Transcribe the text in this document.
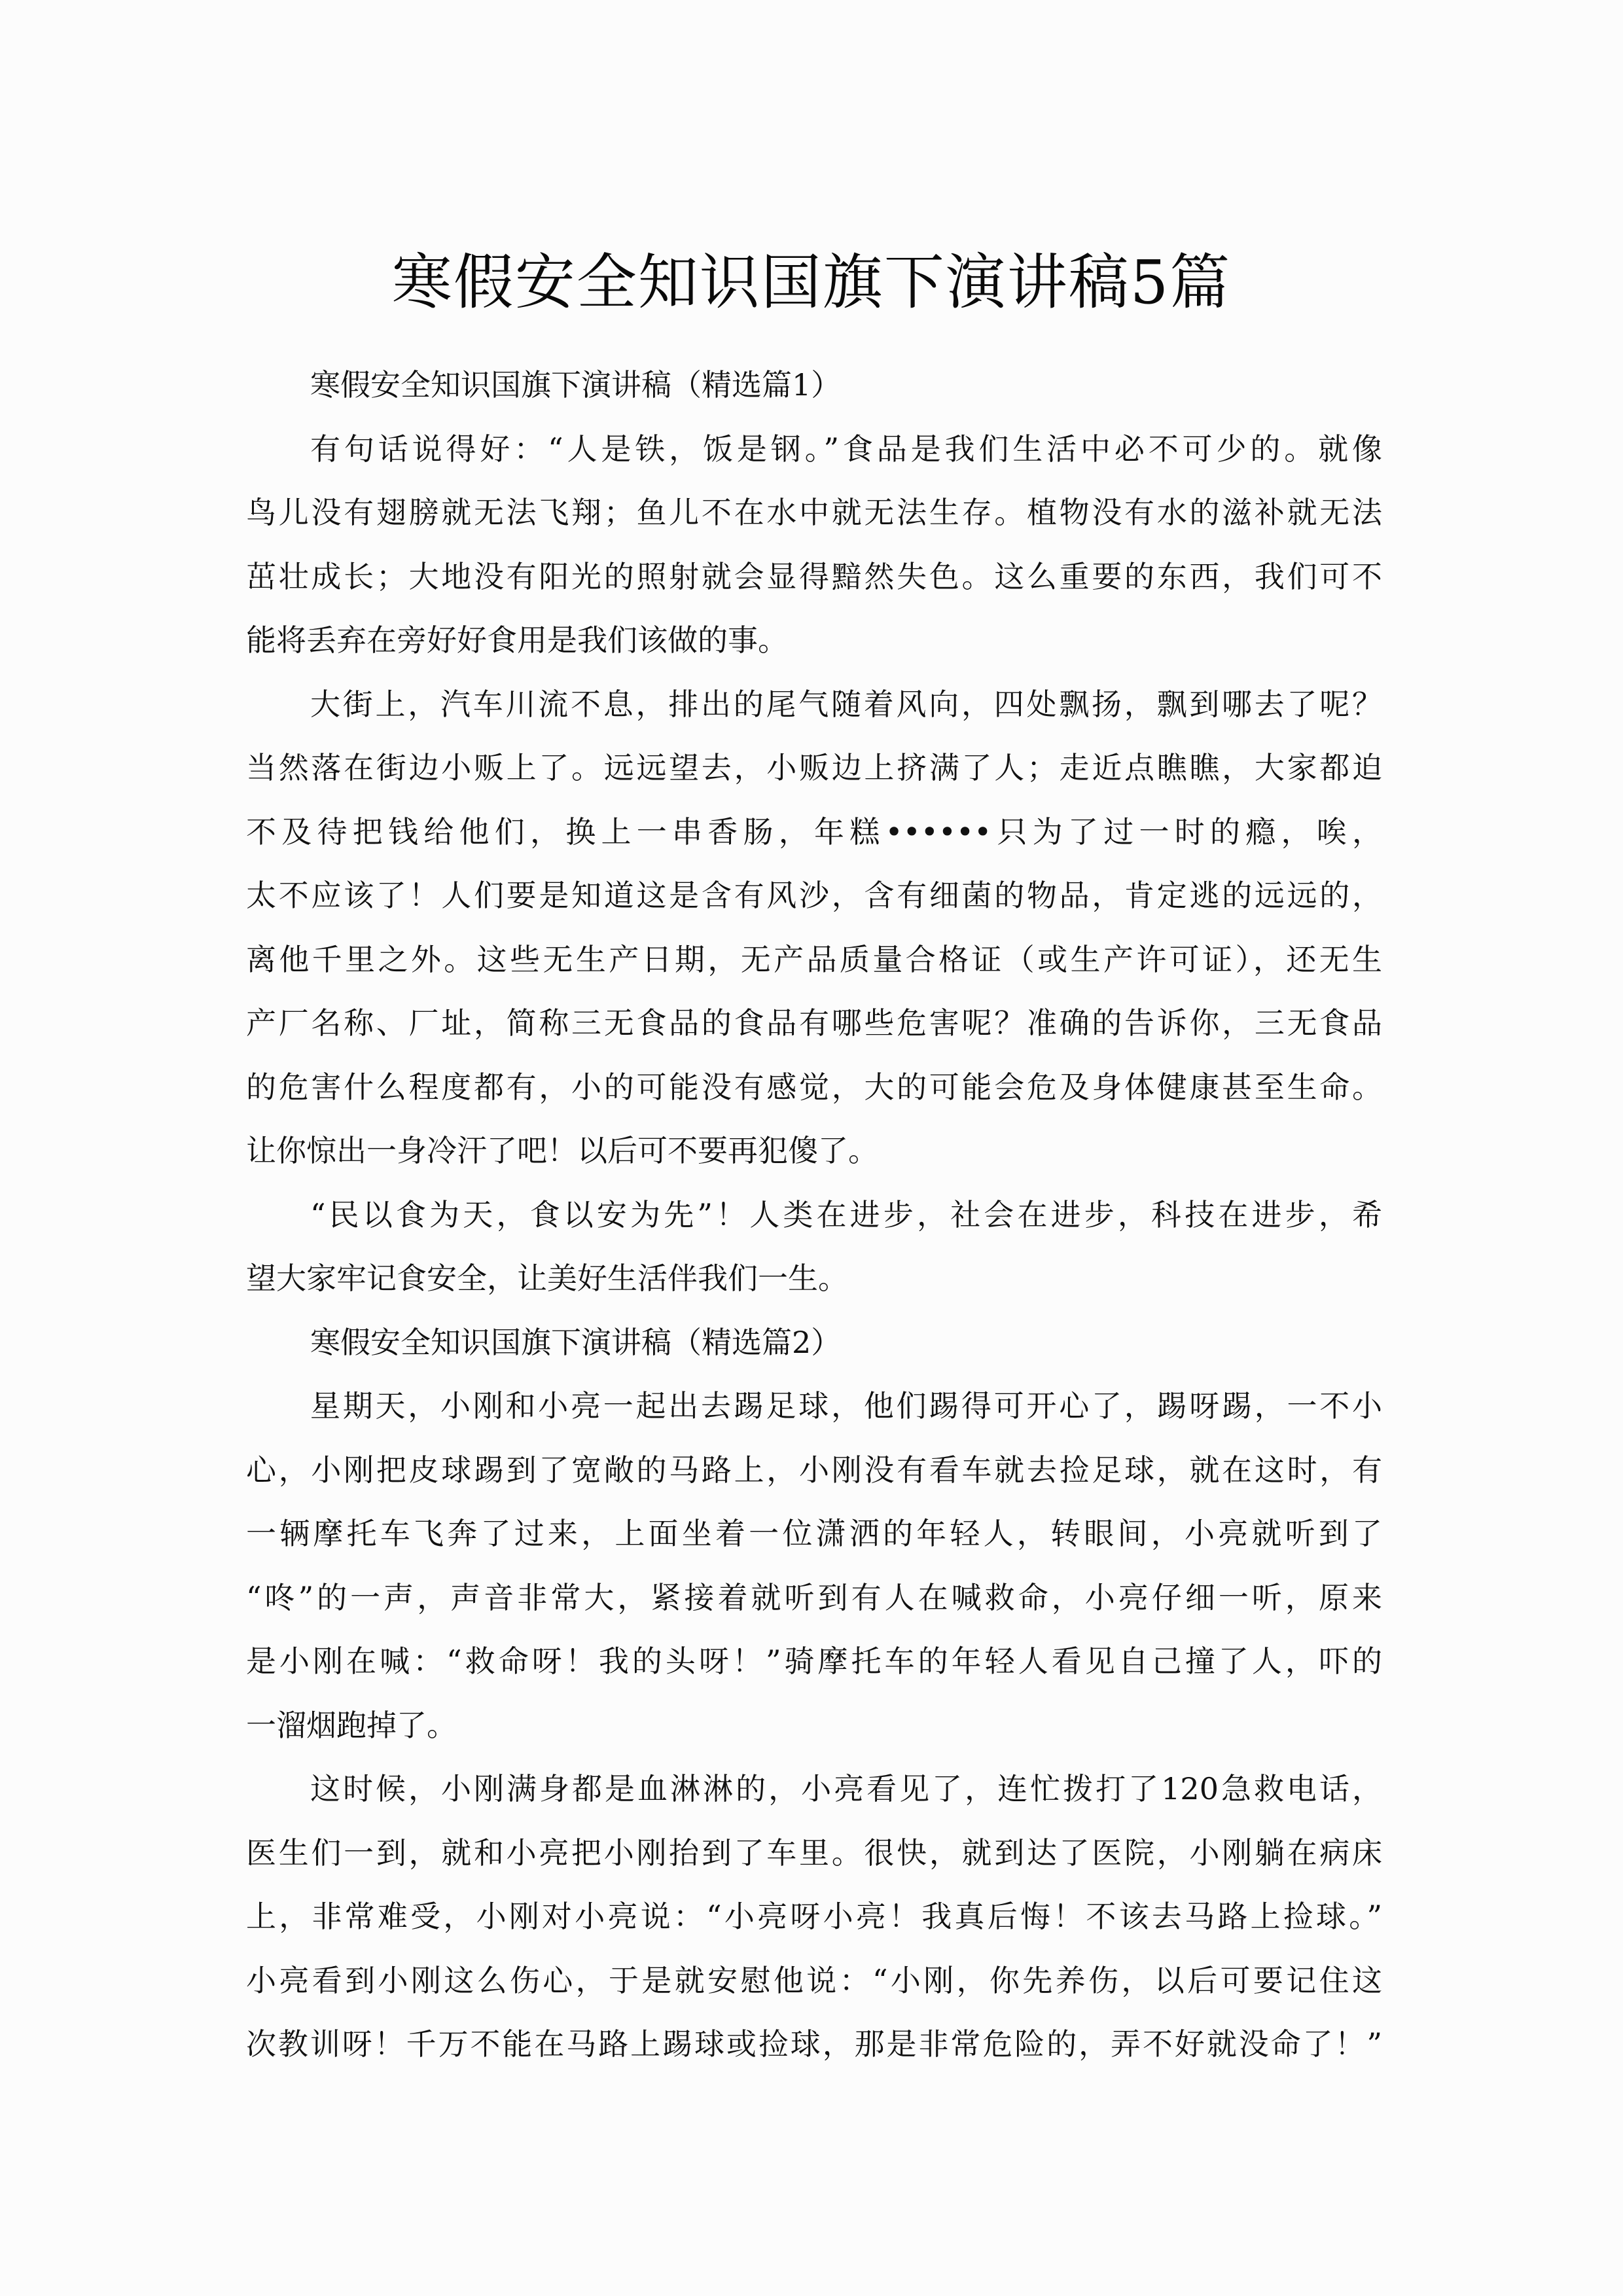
寒假安全知识国旗下演讲稿5篇
寒假安全知识国旗下演讲稿（精选篇1）
有句话说得好：“人是铁，饭是钢。”食品是我们生活中必不可少的。就像
鸟儿没有翅膀就无法飞翔；鱼儿不在水中就无法生存。植物没有水的滋补就无法
茁壮成长；大地没有阳光的照射就会显得黯然失色。这么重要的东西，我们可不
能将丢弃在旁好好食用是我们该做的事。
大街上，汽车川流不息，排出的尾气随着风向，四处飘扬，飘到哪去了呢？
当然落在街边小贩上了。远远望去，小贩边上挤满了人；走近点瞧瞧，大家都迫
不及待把钱给他们，换上一串香肠，年糕••••••只为了过一时的瘾，唉，
太不应该了！人们要是知道这是含有风沙，含有细菌的物品，肯定逃的远远的，
离他千里之外。这些无生产日期，无产品质量合格证（或生产许可证），还无生
产厂名称、厂址，简称三无食品的食品有哪些危害呢？准确的告诉你，三无食品
的危害什么程度都有，小的可能没有感觉，大的可能会危及身体健康甚至生命。
让你惊出一身冷汗了吧！以后可不要再犯傻了。
“民以食为天，食以安为先”！人类在进步，社会在进步，科技在进步，希
望大家牢记食安全，让美好生活伴我们一生。
寒假安全知识国旗下演讲稿（精选篇2）
星期天，小刚和小亮一起出去踢足球，他们踢得可开心了，踢呀踢，一不小
心，小刚把皮球踢到了宽敞的马路上，小刚没有看车就去捡足球，就在这时，有
一辆摩托车飞奔了过来，上面坐着一位潇洒的年轻人，转眼间，小亮就听到了
“咚”的一声，声音非常大，紧接着就听到有人在喊救命，小亮仔细一听，原来
是小刚在喊：“救命呀！我的头呀！”骑摩托车的年轻人看见自己撞了人，吓的
一溜烟跑掉了。
这时候，小刚满身都是血淋淋的，小亮看见了，连忙拨打了120急救电话，
医生们一到，就和小亮把小刚抬到了车里。很快，就到达了医院，小刚躺在病床
上，非常难受，小刚对小亮说：“小亮呀小亮！我真后悔！不该去马路上捡球。”
小亮看到小刚这么伤心，于是就安慰他说：“小刚，你先养伤，以后可要记住这
次教训呀！千万不能在马路上踢球或捡球，那是非常危险的，弄不好就没命了！”
